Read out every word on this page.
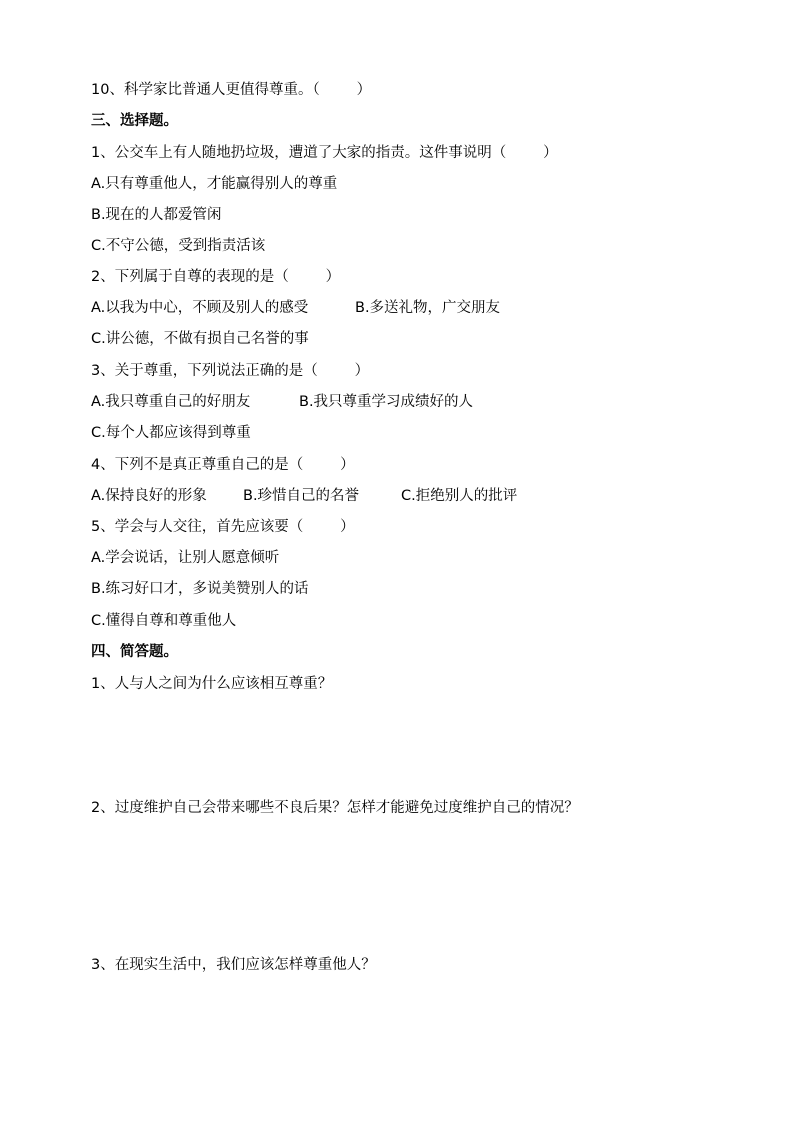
10、科学家比普通人更值得尊重。（        ）

三、选择题。

1、公交车上有人随地扔垃圾，遭道了大家的指责。这件事说明（        ）

A.只有尊重他人，才能赢得别人的尊重

B.现在的人都爱管闲

C.不守公德，受到指责活该

2、下列属于自尊的表现的是（        ）

A.以我为中心，不顾及别人的感受	B.多送礼物，广交朋友

C.讲公德，不做有损自己名誉的事

3、关于尊重，下列说法正确的是（        ）

A.我只尊重自己的好朋友	B.我只尊重学习成绩好的人

C.每个人都应该得到尊重

4、下列不是真正尊重自己的是（        ）

A.保持良好的形象 B.珍惜自己的名誉	C.拒绝别人的批评

5、学会与人交往，首先应该要（        ）

A.学会说话，让别人愿意倾听

B.练习好口才，多说美赞别人的话

C.懂得自尊和尊重他人

四、简答题。

1、人与人之间为什么应该相互尊重？

2、过度维护自己会带来哪些不良后果？怎样才能避免过度维护自己的情况？

3、在现实生活中，我们应该怎样尊重他人？
